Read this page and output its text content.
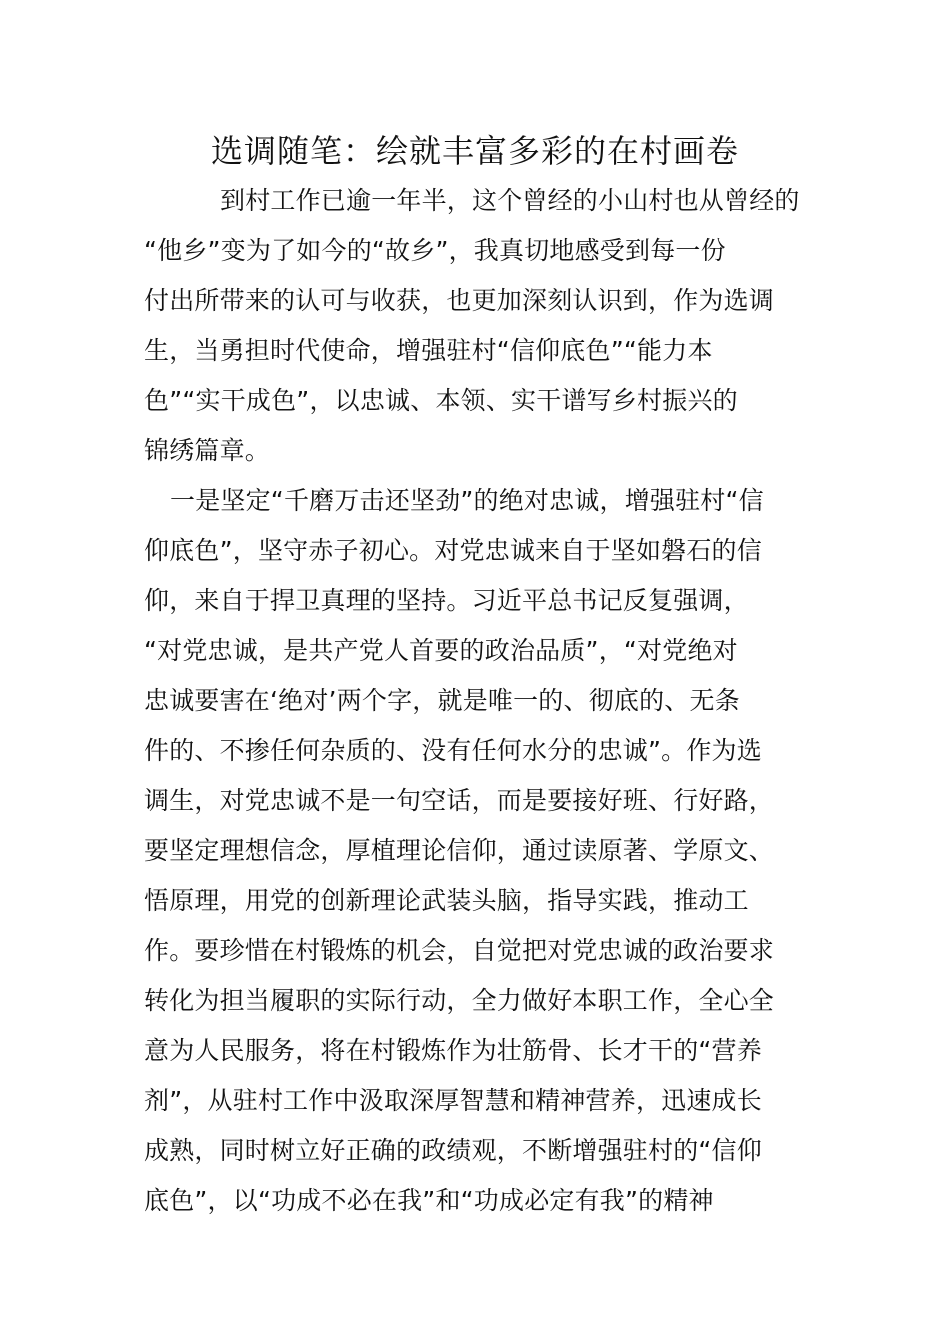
选调随笔：绘就丰富多彩的在村画卷

到村工作已逾一年半，这个曾经的小山村也从曾经的

“他乡”变为了如今的“故乡”，我真切地感受到每一份

付出所带来的认可与收获，也更加深刻认识到，作为选调

生，当勇担时代使命，增强驻村“信仰底色”“能力本

色”“实干成色”，以忠诚、本领、实干谱写乡村振兴的

锦绣篇章。

一是坚定“千磨万击还坚劲”的绝对忠诚，增强驻村“信

仰底色”，坚守赤子初心。对党忠诚来自于坚如磐石的信

仰，来自于捍卫真理的坚持。习近平总书记反复强调，

“对党忠诚，是共产党人首要的政治品质”，“对党绝对

忠诚要害在‘绝对’两个字，就是唯一的、彻底的、无条

件的、不掺任何杂质的、没有任何水分的忠诚”。作为选

调生，对党忠诚不是一句空话，而是要接好班、行好路，

要坚定理想信念，厚植理论信仰，通过读原著、学原文、

悟原理，用党的创新理论武装头脑，指导实践，推动工

作。要珍惜在村锻炼的机会，自觉把对党忠诚的政治要求

转化为担当履职的实际行动，全力做好本职工作，全心全

意为人民服务，将在村锻炼作为壮筋骨、长才干的“营养

剂”，从驻村工作中汲取深厚智慧和精神营养，迅速成长

成熟，同时树立好正确的政绩观，不断增强驻村的“信仰

底色”，以“功成不必在我”和“功成必定有我”的精神
